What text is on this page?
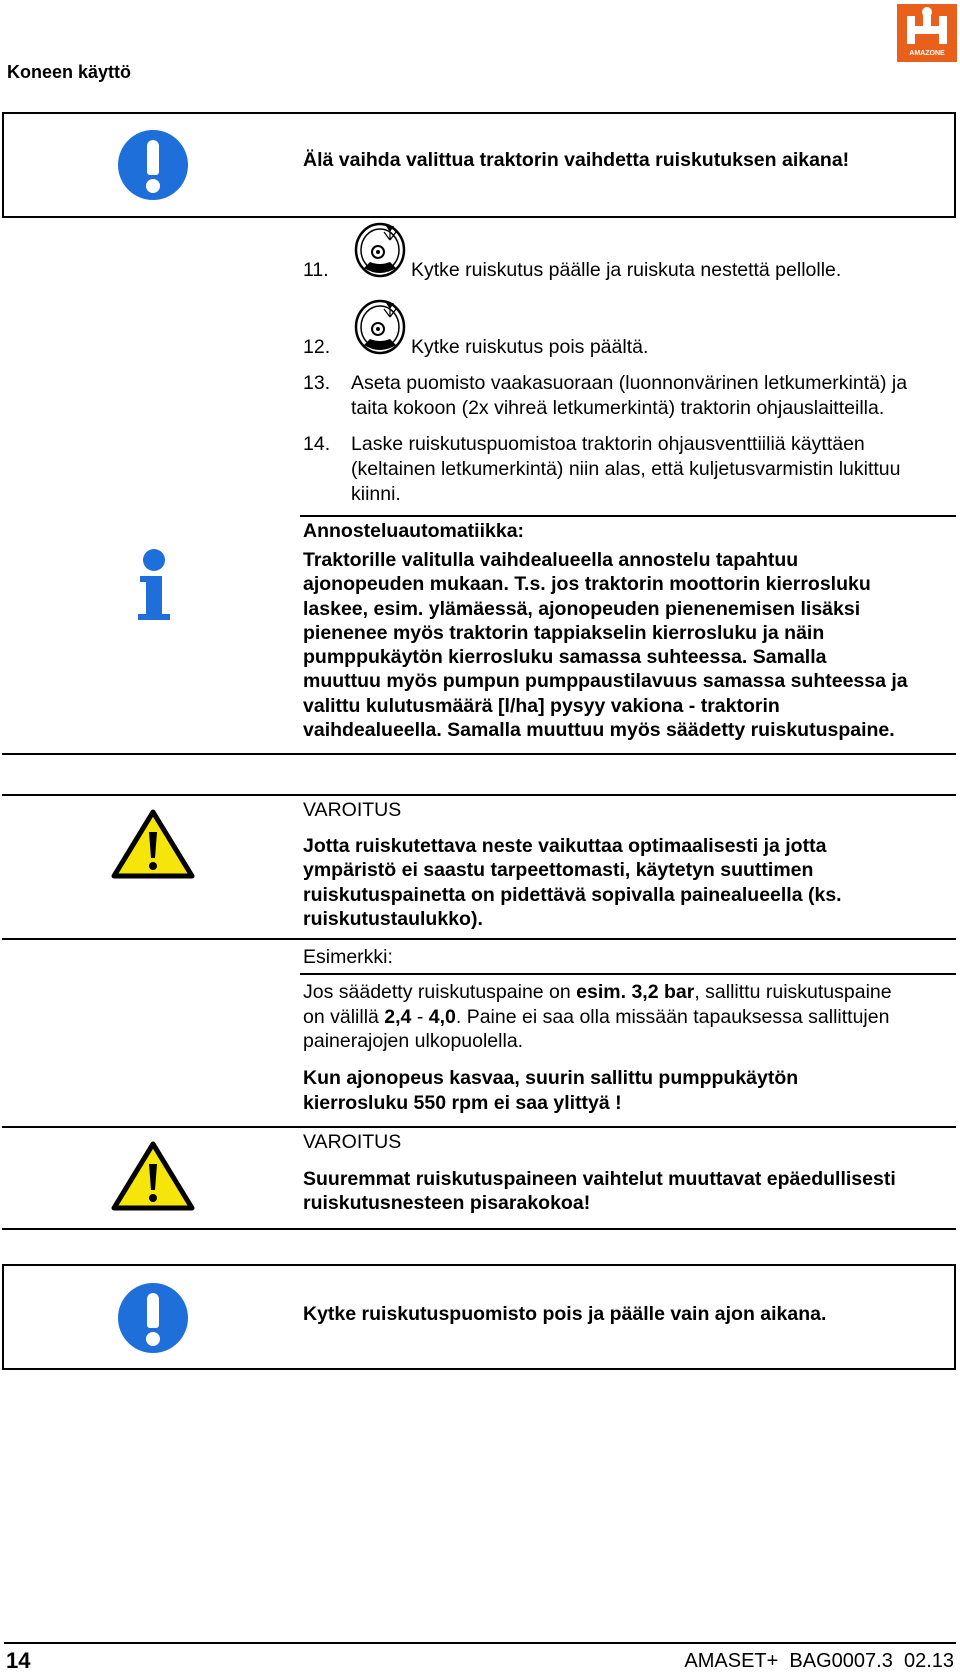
AMAZONE
Koneen käyttö
Älä vaihda valittua traktorin vaihdetta ruiskutuksen aikana!
11.	Kytke ruiskutus päälle ja ruiskuta nestettä pellolle.
12.	Kytke ruiskutus pois päältä.
13. Aseta puomisto vaakasuoraan (luonnonvärinen letkumerkintä) ja
taita kokoon (2x vihreä letkumerkintä) traktorin ohjauslaitteilla.
14. Laske ruiskutuspuomistoa traktorin ohjausventtiiliä käyttäen
(keltainen letkumerkintä) niin alas, että kuljetusvarmistin lukittuu
kiinni.
Annosteluautomatiikka:
Traktorille valitulla vaihdealueella annostelu tapahtuu
ajonopeuden mukaan. T.s. jos traktorin moottorin kierrosluku
laskee, esim. ylämäessä, ajonopeuden pienenemisen lisäksi
pienenee myös traktorin tappiakselin kierrosluku ja näin
pumppukäytön kierrosluku samassa suhteessa. Samalla
muuttuu myös pumpun pumppaustilavuus samassa suhteessa ja
valittu kulutusmäärä [l/ha] pysyy vakiona - traktorin
vaihdealueella. Samalla muuttuu myös säädetty ruiskutuspaine.
VAROITUS
Jotta ruiskutettava neste vaikuttaa optimaalisesti ja jotta
ympäristö ei saastu tarpeettomasti, käytetyn suuttimen
ruiskutuspainetta on pidettävä sopivalla painealueella (ks.
ruiskutustaulukko).
Esimerkki:
Jos säädetty ruiskutuspaine on esim. 3,2 bar, sallittu ruiskutuspaine
on välillä 2,4 - 4,0. Paine ei saa olla missään tapauksessa sallittujen
painerajojen ulkopuolella.
Kun ajonopeus kasvaa, suurin sallittu pumppukäytön
kierrosluku 550 rpm ei saa ylittyä !
VAROITUS
Suuremmat ruiskutuspaineen vaihtelut muuttavat epäedullisesti
ruiskutusnesteen pisarakokoa!
Kytke ruiskutuspuomisto pois ja päälle vain ajon aikana.
14	AMASET+  BAG0007.3  02.13
